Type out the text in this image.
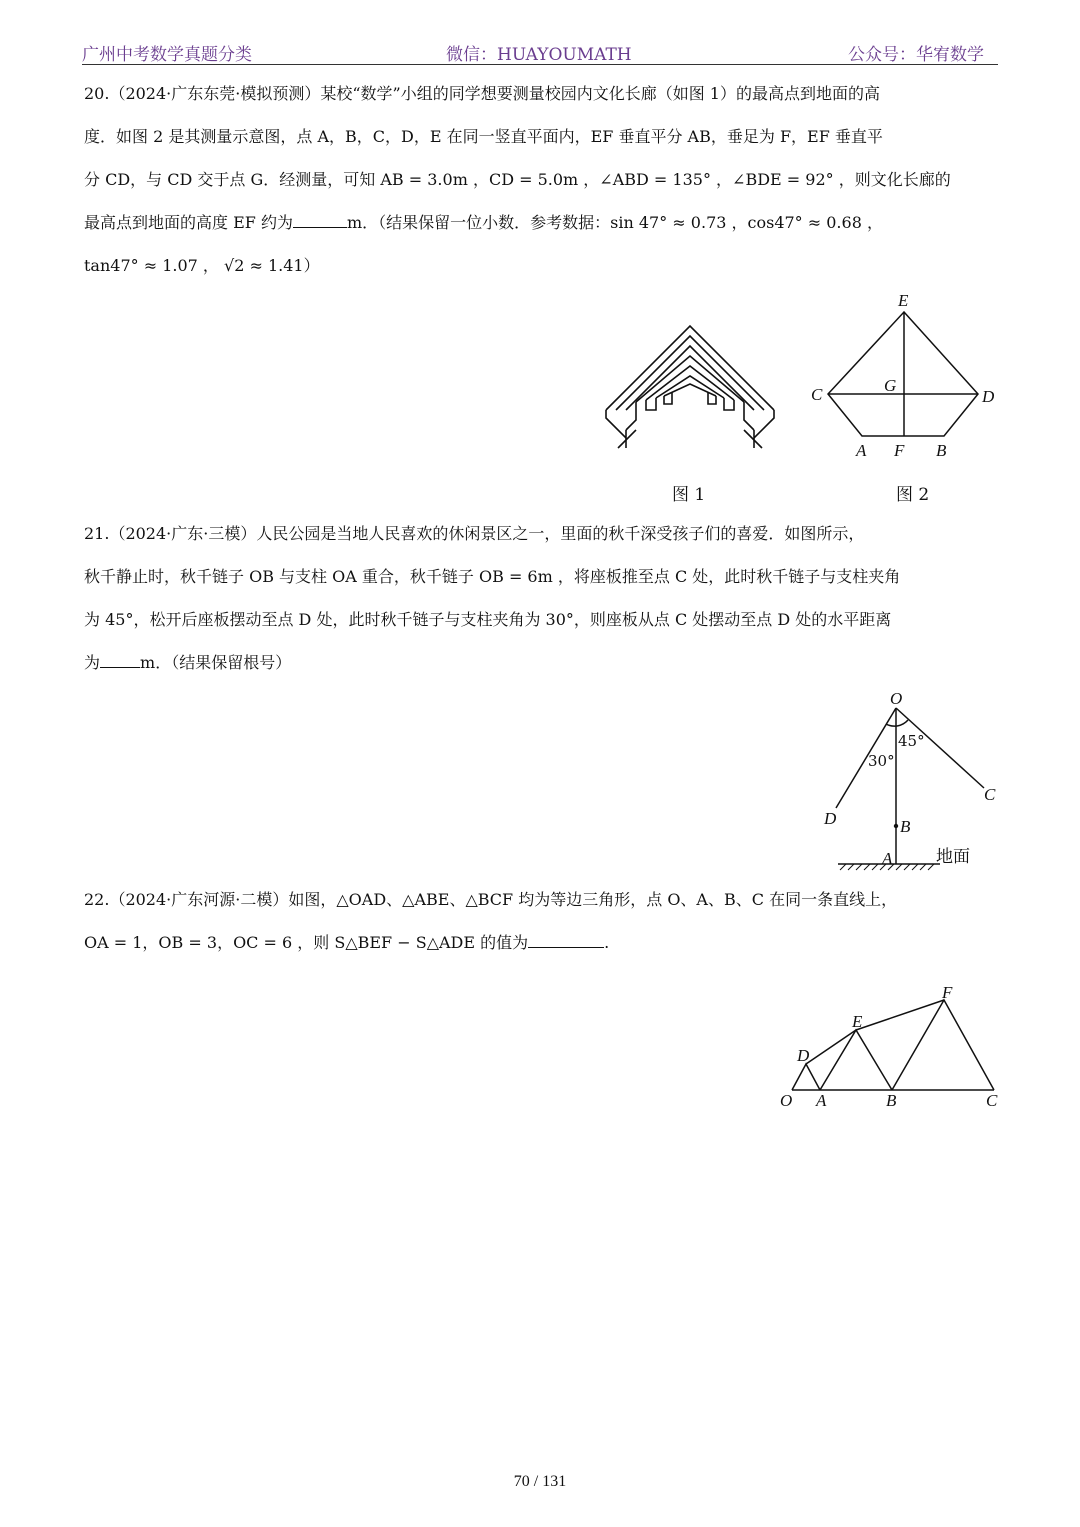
广州中考数学真题分类	微信：HUAYOUMATH	公众号：华宥数学

20.（2024·广东东莞·模拟预测）某校“数学”小组的同学想要测量校园内文化长廊（如图 1）的最高点到地面的高

度．如图 2 是其测量示意图，点 A，B，C，D，E 在同一竖直平面内，EF 垂直平分 AB，垂足为 F，EF 垂直平

分 CD，与 CD 交于点 G．经测量，可知 AB = 3.0m ，CD = 5.0m ，∠ABD = 135° ，∠BDE = 92° ，则文化长廊的

最高点到地面的高度 EF 约为	m．（结果保留一位小数．参考数据：sin 47° ≈ 0.73 ，cos47° ≈ 0.68 ，

tan47° ≈ 1.07 ， √2 ≈ 1.41）

图 1
E
G
C	D
A F B
图 2

21.（2024·广东·三模）人民公园是当地人民喜欢的休闲景区之一，里面的秋千深受孩子们的喜爱．如图所示，

秋千静止时，秋千链子 OB 与支柱 OA 重合，秋千链子 OB = 6m ，将座板推至点 C 处，此时秋千链子与支柱夹角

为 45°，松开后座板摆动至点 D 处，此时秋千链子与支柱夹角为 30°，则座板从点 C 处摆动至点 D 处的水平距离

为	m．（结果保留根号）

O
45°
30°
C
D	B
A	地面

22.（2024·广东河源·二模）如图，△OAD、△ABE、△BCF 均为等边三角形，点 O、A、B、C 在同一条直线上，

OA = 1，OB = 3，OC = 6 ，则 S△BEF − S△ADE 的值为	.

F
E
D
O A	B	C
70 / 131
